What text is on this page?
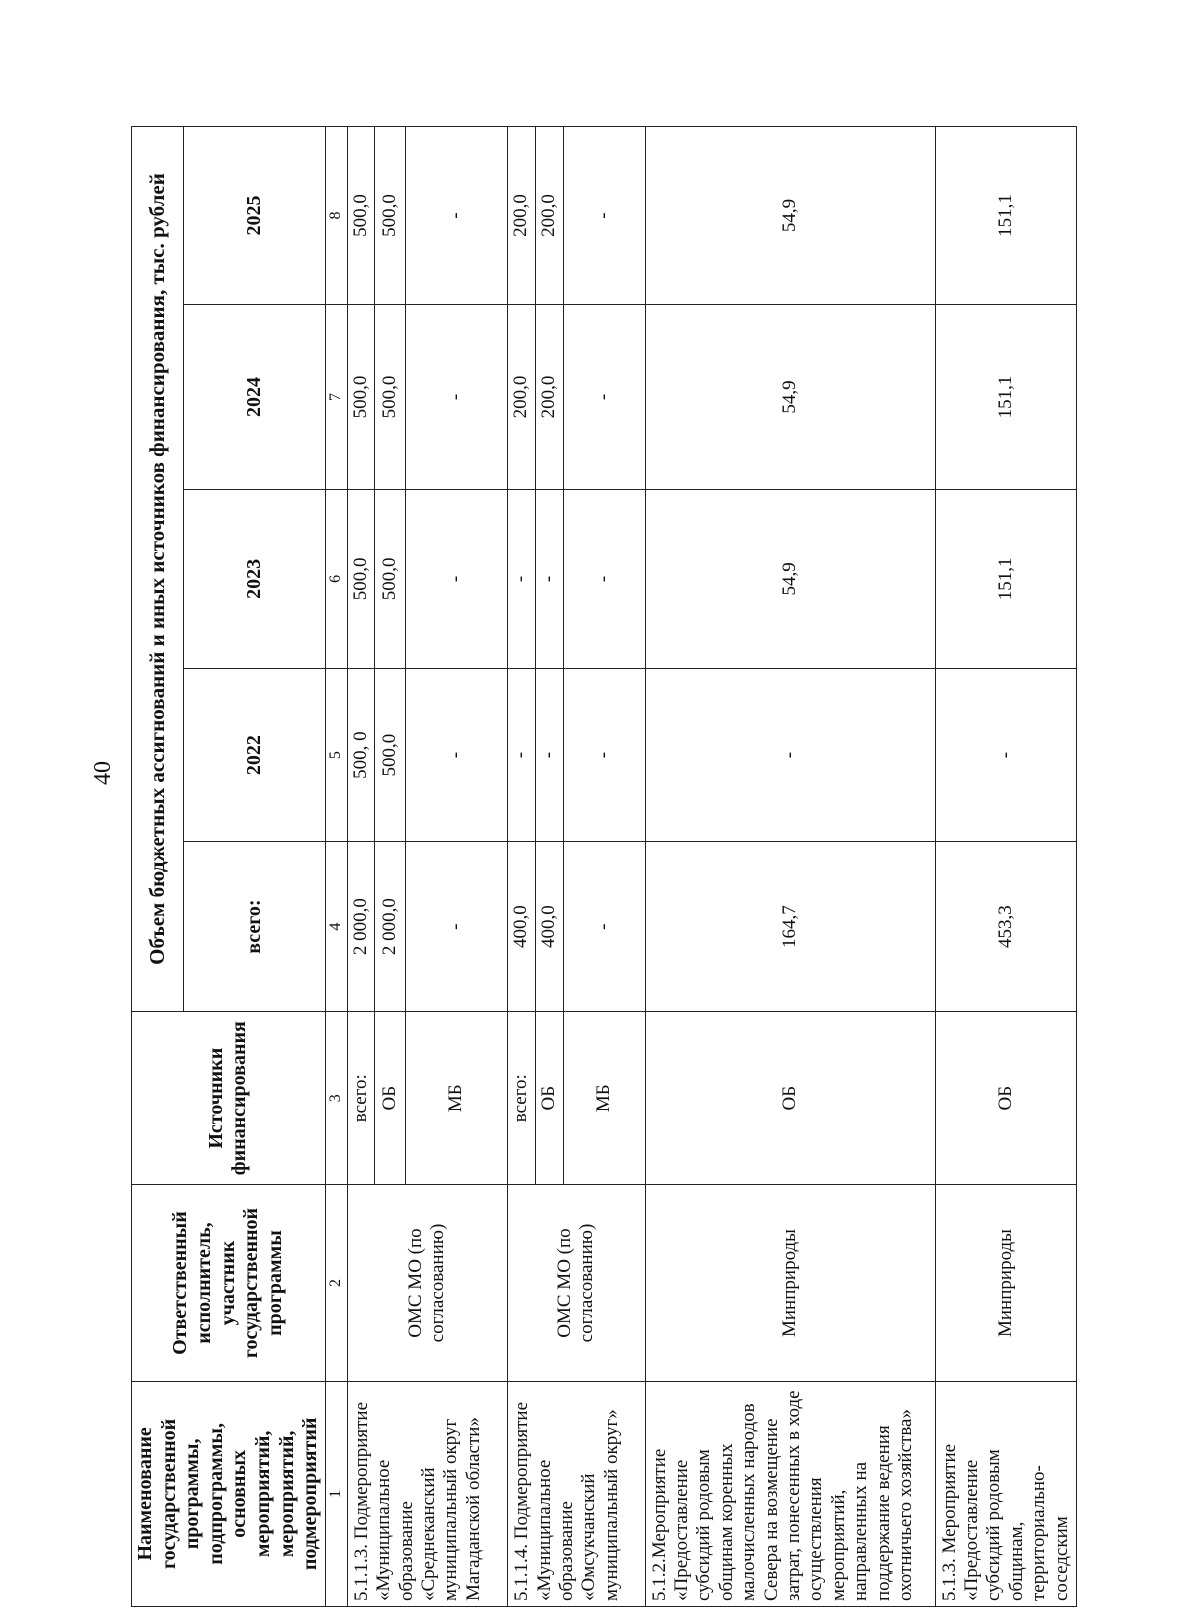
40
Наименование государственной программы, подпрограммы, основных мероприятий, мероприятий, подмероприятий	Ответственный исполнитель, участник государственной программы	Источники финансирования	Объем бюджетных ассигнований и иных источников финансирования, тыс. рублей				
			всего:	2022	2023	2024	2025
1	2	3	4	5	6	7	8
5.1.1.3. Подмероприятие «Муниципальное образование «Среднеканский муниципальный округ Магаданской области»	ОМС МО (по согласованию)	всего:	2 000,0	500, 0	500,0	500,0	500,0
		ОБ	2 000,0	500,0	500,0	500,0	500,0
		МБ	-	-	-	-	-
5.1.1.4. Подмероприятие «Муниципальное образование «Омсукчанский муниципальный округ»	ОМС МО (по согласованию)	всего:	400,0	-	-	200,0	200,0
		ОБ	400,0	-	-	200,0	200,0
		МБ	-	-	-	-	-
5.1.2.Мероприятие «Предоставление субсидий родовым общинам коренных малочисленных народов Севера на возмещение затрат, понесенных в ходе осуществления мероприятий, направленных на поддержание ведения охотничьего хозяйства»	Минприроды	ОБ	164,7	-	54,9	54,9	54,9
5.1.3. Мероприятие «Предоставление субсидий родовым общинам, территориально-соседским	Минприроды	ОБ	453,3	-	151,1	151,1	151,1
